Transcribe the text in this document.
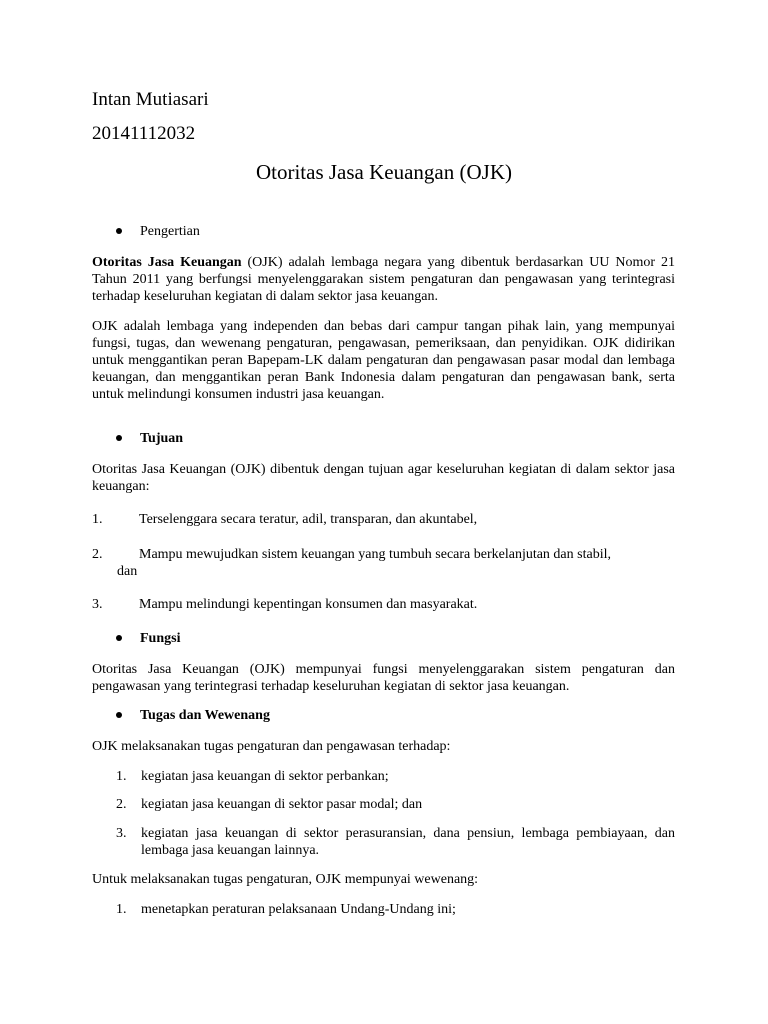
Intan Mutiasari
20141112032
Otoritas Jasa Keuangan (OJK)
Pengertian

Otoritas Jasa Keuangan (OJK) adalah lembaga negara yang dibentuk berdasarkan UU Nomor 21 Tahun 2011 yang berfungsi menyelenggarakan sistem pengaturan dan pengawasan yang terintegrasi terhadap keseluruhan kegiatan di dalam sektor jasa keuangan.

OJK adalah lembaga yang independen dan bebas dari campur tangan pihak lain, yang mempunyai fungsi, tugas, dan wewenang pengaturan, pengawasan, pemeriksaan, dan penyidikan. OJK didirikan untuk menggantikan peran Bapepam-LK dalam pengaturan dan pengawasan pasar modal dan lembaga keuangan, dan menggantikan peran Bank Indonesia dalam pengaturan dan pengawasan bank, serta untuk melindungi konsumen industri jasa keuangan.

Tujuan

Otoritas Jasa Keuangan (OJK) dibentuk dengan tujuan agar keseluruhan kegiatan di dalam sektor jasa keuangan:

1.	Terselenggara secara teratur, adil, transparan, dan akuntabel,
2.	Mampu mewujudkan sistem keuangan yang tumbuh secara berkelanjutan dan stabil,
dan
3.	Mampu melindungi kepentingan konsumen dan masyarakat.
Fungsi

Otoritas Jasa Keuangan (OJK) mempunyai fungsi menyelenggarakan sistem pengaturan dan pengawasan yang terintegrasi terhadap keseluruhan kegiatan di sektor jasa keuangan.

Tugas dan Wewenang

OJK melaksanakan tugas pengaturan dan pengawasan terhadap:

1. kegiatan jasa keuangan di sektor perbankan;
2. kegiatan jasa keuangan di sektor pasar modal; dan
3. kegiatan jasa keuangan di sektor perasuransian, dana pensiun, lembaga pembiayaan, dan lembaga jasa keuangan lainnya.

Untuk melaksanakan tugas pengaturan, OJK mempunyai wewenang:

1. menetapkan peraturan pelaksanaan Undang-Undang ini;
